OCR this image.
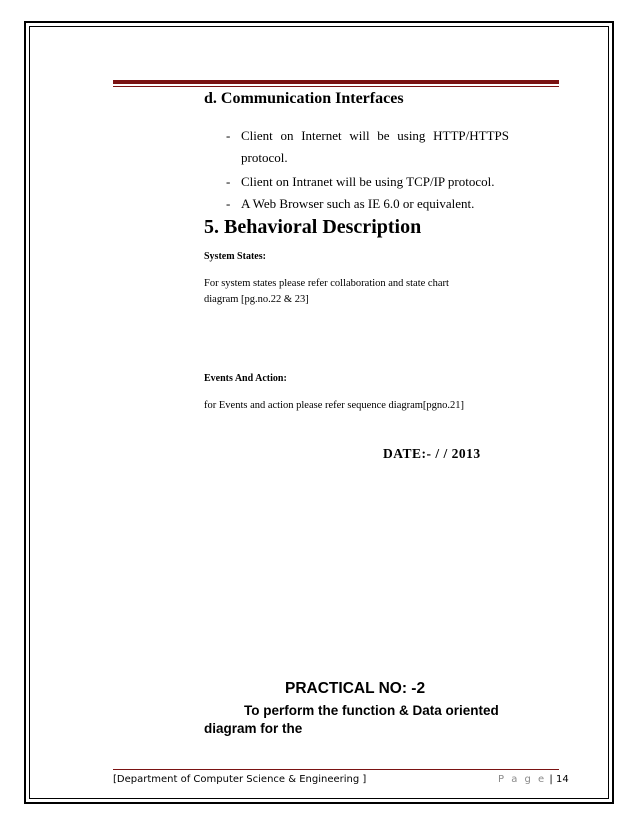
d. Communication Interfaces
- Client on Internet will be using HTTP/HTTPS
protocol.
- Client on Intranet will be using TCP/IP protocol.
- A Web Browser such as IE 6.0 or equivalent.
5. Behavioral Description
System States:
For system states please refer collaboration and state chart
diagram [pg.no.22 & 23]
Events And Action:
for Events and action please refer sequence diagram[pgno.21]
DATE:- / / 2013
PRACTICAL NO: -2
To perform the function & Data oriented
diagram for the
[Department of Computer Science & Engineering ]	P a g e | 14
